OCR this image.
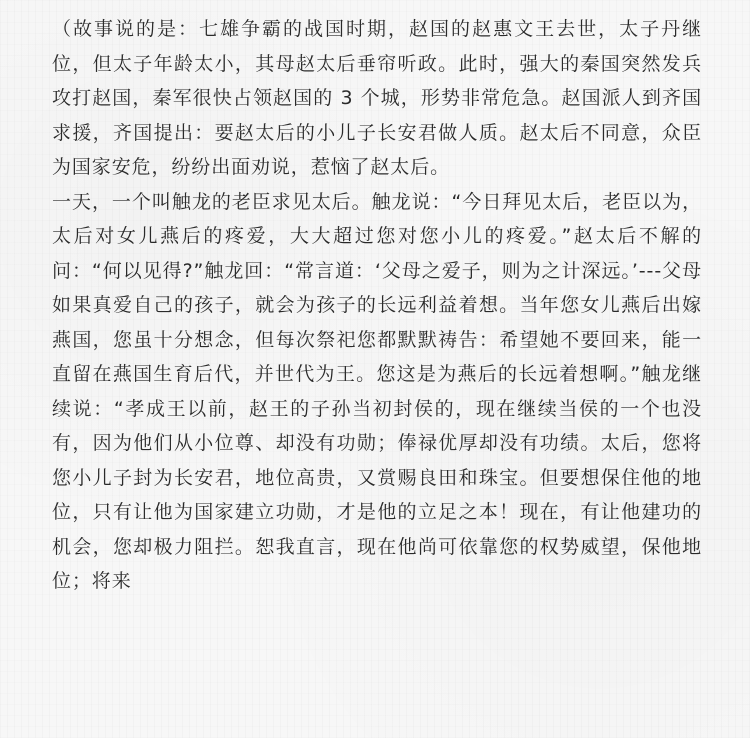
（故事说的是：七雄争霸的战国时期，赵国的赵惠文王去世，太子丹继位，但太子年龄太小，其母赵太后垂帘听政。此时，强大的秦国突然发兵攻打赵国，秦军很快占领赵国的 3 个城，形势非常危急。赵国派人到齐国求援，齐国提出：要赵太后的小儿子长安君做人质。赵太后不同意，众臣为国家安危，纷纷出面劝说，惹恼了赵太后。

一天，一个叫触龙的老臣求见太后。触龙说：“今日拜见太后，老臣以为，太后对女儿燕后的疼爱，大大超过您对您小儿的疼爱。”赵太后不解的问：“何以见得?”触龙回：“常言道：‘父母之爱子，则为之计深远。’---父母如果真爱自己的孩子，就会为孩子的长远利益着想。当年您女儿燕后出嫁燕国，您虽十分想念，但每次祭祀您都默默祷告：希望她不要回来，能一直留在燕国生育后代，并世代为王。您这是为燕后的长远着想啊。”触龙继续说：“孝成王以前，赵王的子孙当初封侯的，现在继续当侯的一个也没有，因为他们从小位尊、却没有功勋；俸禄优厚却没有功绩。太后，您将您小儿子封为长安君，地位高贵，又赏赐良田和珠宝。但要想保住他的地位，只有让他为国家建立功勋，才是他的立足之本！现在，有让他建功的机会，您却极力阻拦。恕我直言，现在他尚可依靠您的权势威望，保他地位；将来
